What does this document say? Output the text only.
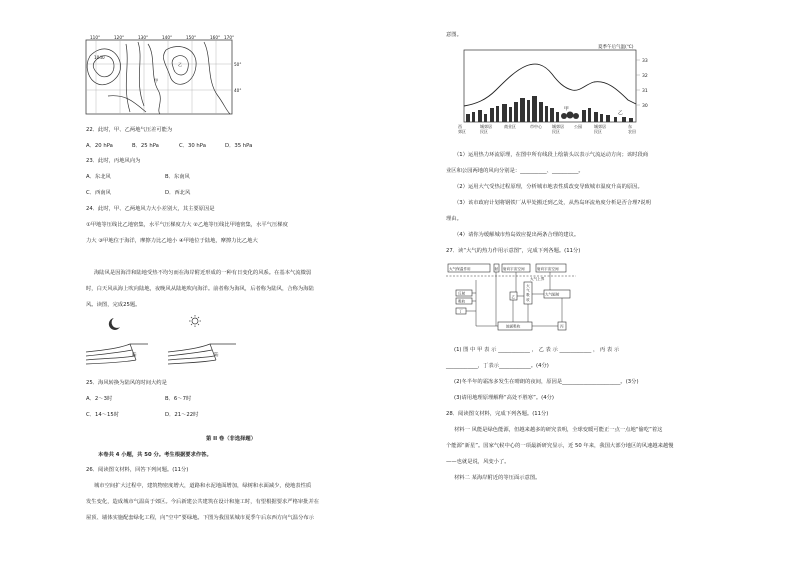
110°	120°	130°	140°	150°	160° 170°
50°
40°
1040
甲
乙
22．此时，甲、乙两地气压差可能为
A．20 hPa	B．25 hPa	C．30 hPa	D．35 hPa
23．此时，丙地风向为
A．东北风	B．东南风
C．西南风	D．西北风
24．此时，甲、乙两地风力大小差别大，其主要原因是
①甲地等压线比乙地密集，水平气压梯度力大 ②乙地等压线比甲地密集，水平气压梯度
力大 ③甲地位于海洋，摩擦力比乙地小 ④甲地位于陆地，摩擦力比乙地大
海陆风是因海洋和陆地受热不均匀而在海岸附近形成的一种有日变化的风系。在基本气流微弱
时，白天风从海上吹向陆地，夜晚风从陆地吹向海洋。前者称为海风，后者称为陆风，合称为海陆
风。读图，完成25题。
陆	陆
25．海风转换为陆风的时间大约是
A．2～3时	B．6～7时
C．14～15时	D．21～22时
第 II 卷（非选择题）
本卷共 4 小题，共 50 分。考生根据要求作答。
26．阅读图文材料，回答下列问题。(11分)
城市空间扩大过程中，建筑物密度增大，道路和水泥地面增加，绿树和水面减少，使地表性质
发生变化，造成城市气温高于郊区。今后新建公共建筑在设计和施工时，有望根据要求严格审批并在
屋顶、墙体实施配套绿化工程，向“空中”要绿地。下图为我国某城市夏季午后东西方向气温分布示
意图。
夏季午后气温(℃)
33
32
31
30
甲
乙
西郊区
城郊居民区
商业区	市中心	城郊居民区
公园	城郊居民区
东农田
（1）运用热力环流原理，在图中所有线段上绘箭头以表示气流运动方向；该时段商
业区和公园两地的风向分别是：__________、__________。
（2）运用大气受热过程原理，分析城市地表性质改变导致城市温度升高的原因。
（3）该市政府计划将钢铁厂从甲处搬迁到乙处，从热岛环流角度分析是否合理?说明
理由。
（4）请你为缓解城市热岛效应提出两条合理的建议。
27．读“大气的热力作用示意图”，完成下列各题。(11分)
大气保温作用	射 射向宇宙空间	射向宇宙空间
大气上界
反射
吸收
丁
乙
大气辐射
地面吸收	丙
大
气
吸
收
(1) 图 中 甲 表 示 ____________ ， 乙 表 示 ____________ ， 丙 表 示
____________，丁表示____________。(4分)
(2)冬半年的霜冻多发生在晴朗的夜间，原因是______________________。(3分)
(3)请用地理原理解释“高处不胜寒”。(4分)
28．阅读图文材料，完成下列各题。(11分)
材料一 风能是绿色能源，但越来越多的研究表明，全球变暖可能正一点一点地“偷吃”着这
个能源“新星”。国家气候中心的一项最新研究显示，近 50 年来，我国大部分地区的风速越来越慢
——也就是说，风变小了。
材料二 某海岸附近的等压面示意图。
